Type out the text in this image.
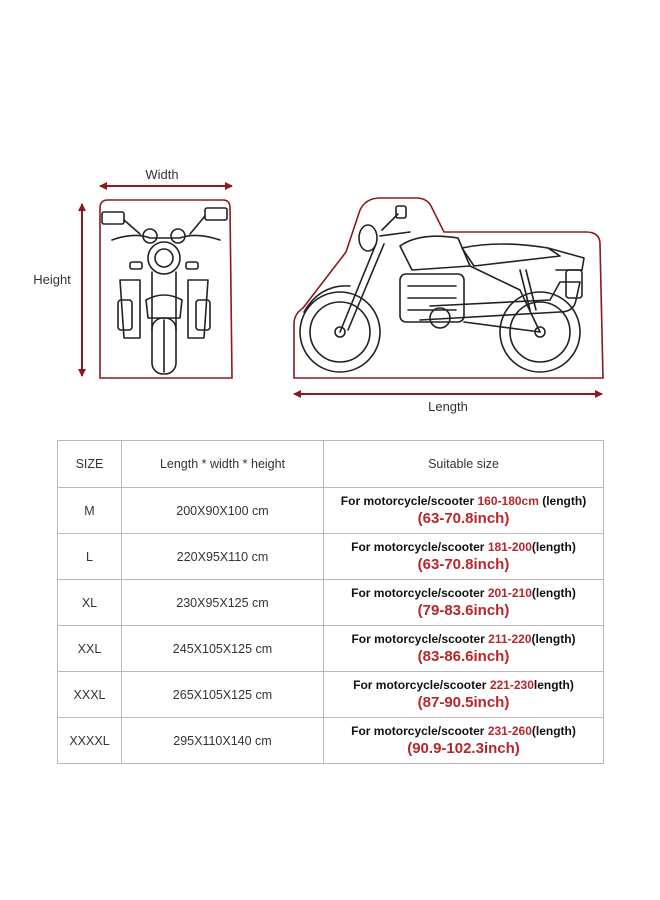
Width
Height
Length
SIZE	Length * width * height	Suitable size
M	200X90X100 cm	For motorcycle/scooter 160-180cm (length)
(63-70.8inch)

L	220X95X110 cm	For motorcycle/scooter 181-200(length)
(63-70.8inch)

XL	230X95X125 cm	For motorcycle/scooter 201-210(length)
(79-83.6inch)

XXL	245X105X125 cm	For motorcycle/scooter 211-220(length)
(83-86.6inch)

XXXL	265X105X125 cm	For motorcycle/scooter 221-230length)
(87-90.5inch)

XXXXL	295X110X140 cm	For motorcycle/scooter 231-260(length)
(90.9-102.3inch)
